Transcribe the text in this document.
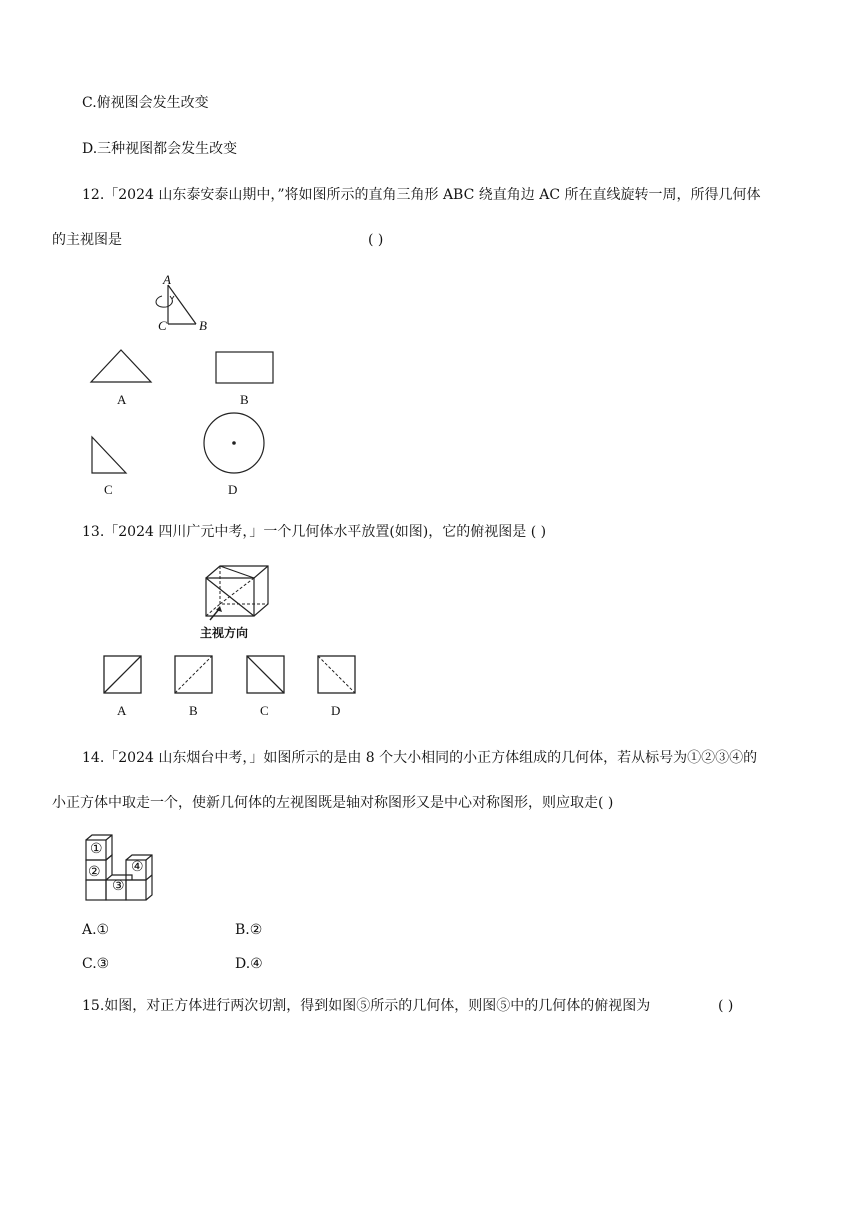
C.俯视图会发生改变
D.三种视图都会发生改变
12.「2024 山东泰安泰山期中，”将如图所示的直角三角形 ABC 绕直角边 AC 所在直线旋转一周，所得几何体
的主视图是	( )
A
C B
A	B
C	D
13.「2024 四川广元中考，」一个几何体水平放置(如图)，它的俯视图是 ( )
主视方向
A	B	C	D
14.「2024 山东烟台中考，」如图所示的是由 8 个大小相同的小正方体组成的几何体，若从标号为①②③④的
小正方体中取走一个，使新几何体的左视图既是轴对称图形又是中心对称图形，则应取走( )
①
②
③
④
A.①	B.②
C.③	D.④
15.如图，对正方体进行两次切割，得到如图⑤所示的几何体，则图⑤中的几何体的俯视图为	( )
